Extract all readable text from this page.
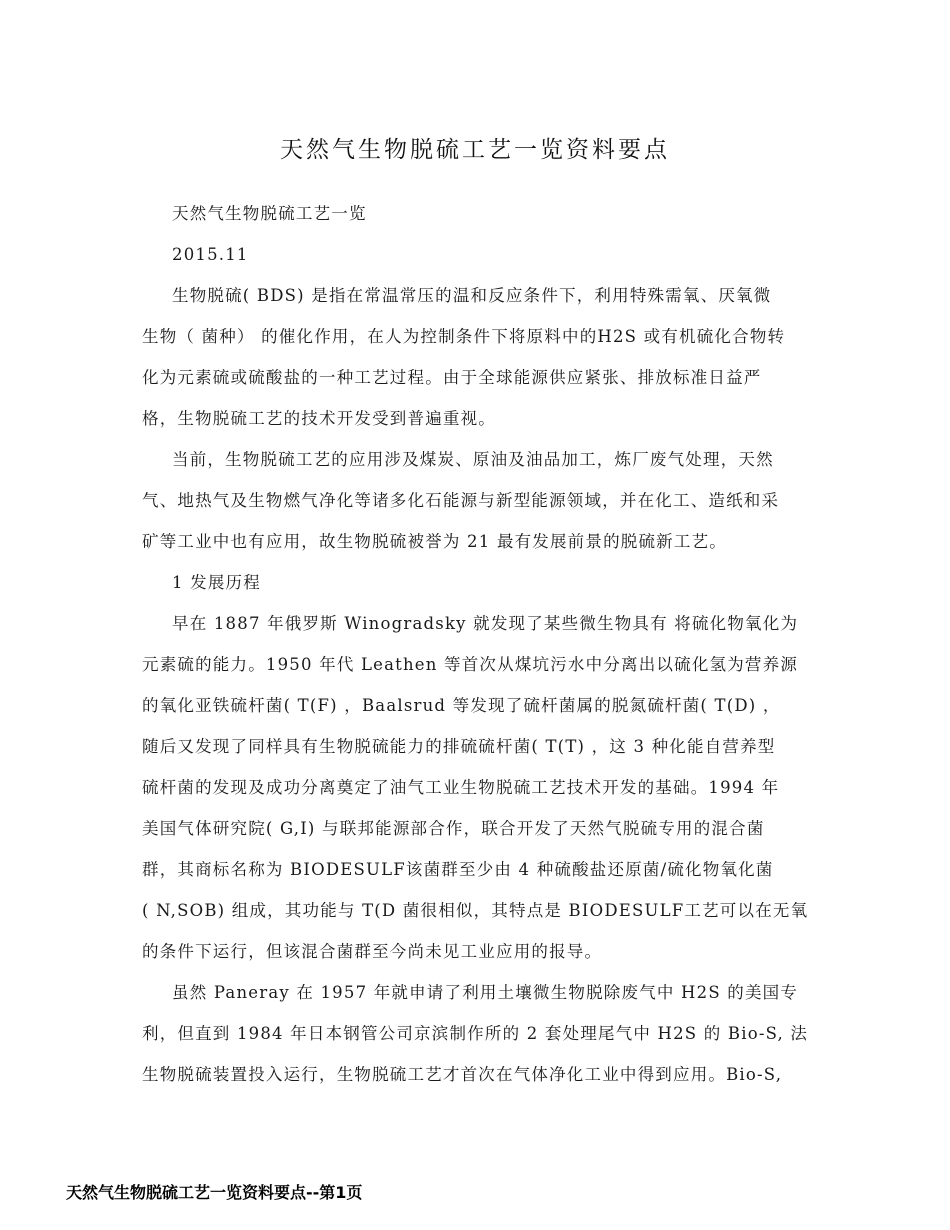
天然气生物脱硫工艺一览资料要点
天然气生物脱硫工艺一览
2015.11
生物脱硫( BDS) 是指在常温常压的温和反应条件下，利用特殊需氧、厌氧微
生物（ 菌种） 的催化作用，在人为控制条件下将原料中的H2S 或有机硫化合物转
化为元素硫或硫酸盐的一种工艺过程。由于全球能源供应紧张、排放标准日益严
格，生物脱硫工艺的技术开发受到普遍重视。
当前，生物脱硫工艺的应用涉及煤炭、原油及油品加工，炼厂废气处理，天然
气、地热气及生物燃气净化等诸多化石能源与新型能源领域，并在化工、造纸和采
矿等工业中也有应用，故生物脱硫被誉为 21 最有发展前景的脱硫新工艺。
1 发展历程
早在 1887 年俄罗斯 Winogradsky 就发现了某些微生物具有 将硫化物氧化为
元素硫的能力。1950 年代 Leathen 等首次从煤坑污水中分离出以硫化氢为营养源
的氧化亚铁硫杆菌( T(F) ，Baalsrud 等发现了硫杆菌属的脱氮硫杆菌( T(D) ，
随后又发现了同样具有生物脱硫能力的排硫硫杆菌( T(T) ，这 3 种化能自营养型
硫杆菌的发现及成功分离奠定了油气工业生物脱硫工艺技术开发的基础。1994 年
美国气体研究院( G,I) 与联邦能源部合作，联合开发了天然气脱硫专用的混合菌
群，其商标名称为 BIODESULF该菌群至少由 4 种硫酸盐还原菌/硫化物氧化菌
( N,SOB) 组成，其功能与 T(D 菌很相似，其特点是 BIODESULF工艺可以在无氧
的条件下运行，但该混合菌群至今尚未见工业应用的报导。
虽然 Paneray 在 1957 年就申请了利用土壤微生物脱除废气中 H2S 的美国专
利，但直到 1984 年日本钢管公司京滨制作所的 2 套处理尾气中 H2S 的 Bio-S, 法
生物脱硫装置投入运行，生物脱硫工艺才首次在气体净化工业中得到应用。Bio-S,
天然气生物脱硫工艺一览资料要点--第1页
